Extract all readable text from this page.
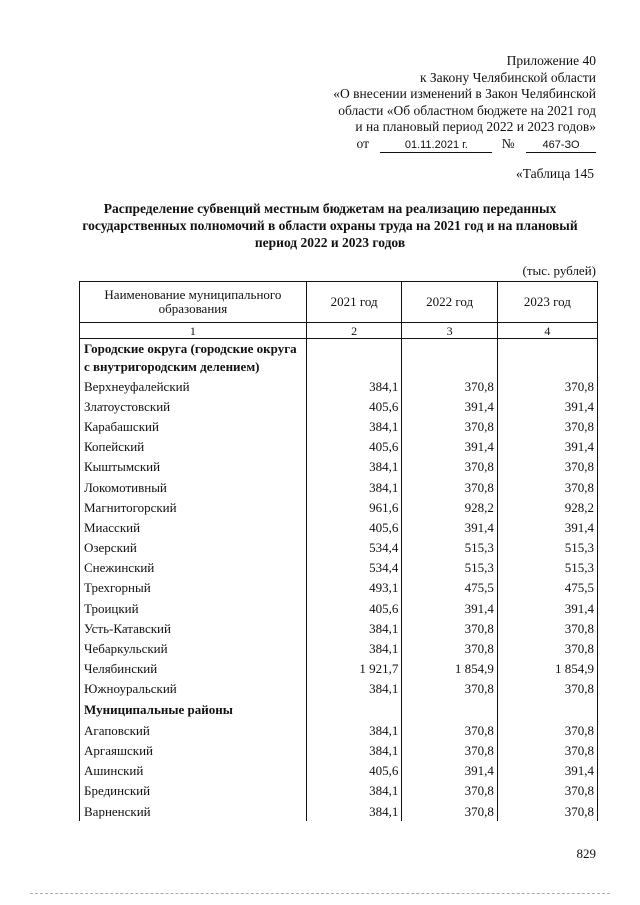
Приложение 40
к Закону Челябинской области
«О внесении изменений в Закон Челябинской
области «Об областном бюджете на 2021 год
и на плановый период 2022 и 2023 годов»
от	01.11.2021 г.	№	467-ЗО
«Таблица 145
Распределение субвенций местным бюджетам на реализацию переданных государственных полномочий в области охраны труда на 2021 год и на плановый период 2022 и 2023 годов
(тыс. рублей)
Наименование муниципального образования	2021 год	2022 год	2023 год
1	2	3	4
Городские округа (городские округа с внутригородским делением)			
Верхнеуфалейский	384,1	370,8	370,8
Златоустовский	405,6	391,4	391,4
Карабашский	384,1	370,8	370,8
Копейский	405,6	391,4	391,4
Кыштымский	384,1	370,8	370,8
Локомотивный	384,1	370,8	370,8
Магнитогорский	961,6	928,2	928,2
Миасский	405,6	391,4	391,4
Озерский	534,4	515,3	515,3
Снежинский	534,4	515,3	515,3
Трехгорный	493,1	475,5	475,5
Троицкий	405,6	391,4	391,4
Усть-Катавский	384,1	370,8	370,8
Чебаркульский	384,1	370,8	370,8
Челябинский	1 921,7	1 854,9	1 854,9
Южноуральский	384,1	370,8	370,8
Муниципальные районы			
Агаповский	384,1	370,8	370,8
Аргаяшский	384,1	370,8	370,8
Ашинский	405,6	391,4	391,4
Брединский	384,1	370,8	370,8
Варненский	384,1	370,8	370,8
829
